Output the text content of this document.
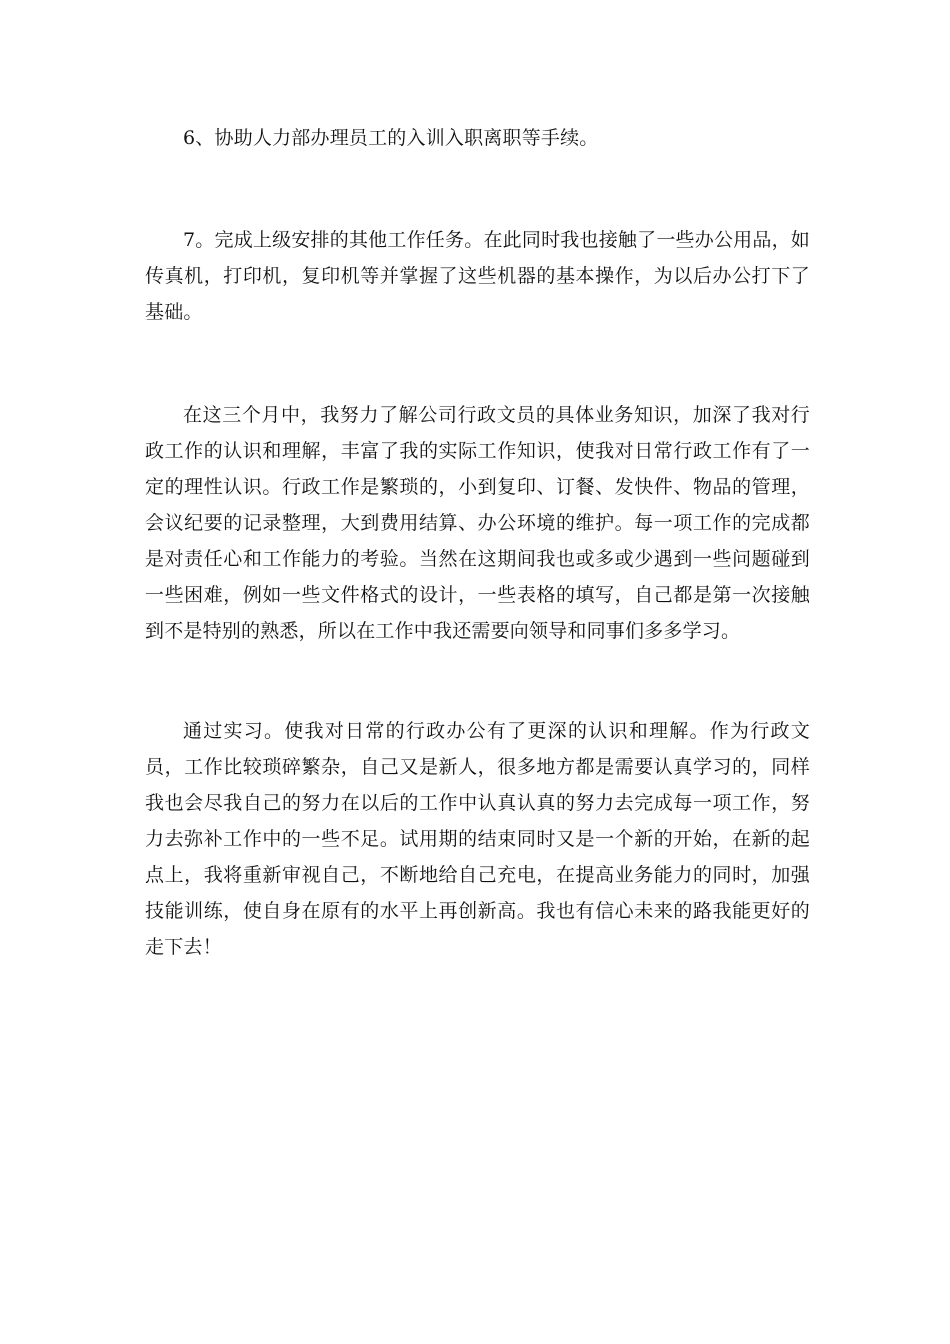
6、协助人力部办理员工的入训入职离职等手续。

7。完成上级安排的其他工作任务。在此同时我也接触了一些办公用品，如传真机，打印机，复印机等并掌握了这些机器的基本操作，为以后办公打下了基础。

在这三个月中，我努力了解公司行政文员的具体业务知识，加深了我对行政工作的认识和理解，丰富了我的实际工作知识，使我对日常行政工作有了一定的理性认识。行政工作是繁琐的，小到复印、订餐、发快件、物品的管理，会议纪要的记录整理，大到费用结算、办公环境的维护。每一项工作的完成都是对责任心和工作能力的考验。当然在这期间我也或多或少遇到一些问题碰到一些困难，例如一些文件格式的设计，一些表格的填写，自己都是第一次接触到不是特别的熟悉，所以在工作中我还需要向领导和同事们多多学习。

通过实习。使我对日常的行政办公有了更深的认识和理解。作为行政文员，工作比较琐碎繁杂，自己又是新人，很多地方都是需要认真学习的，同样我也会尽我自己的努力在以后的工作中认真认真的努力去完成每一项工作，努力去弥补工作中的一些不足。试用期的结束同时又是一个新的开始，在新的起点上，我将重新审视自己，不断地给自己充电，在提高业务能力的同时，加强技能训练，使自身在原有的水平上再创新高。我也有信心未来的路我能更好的走下去！
